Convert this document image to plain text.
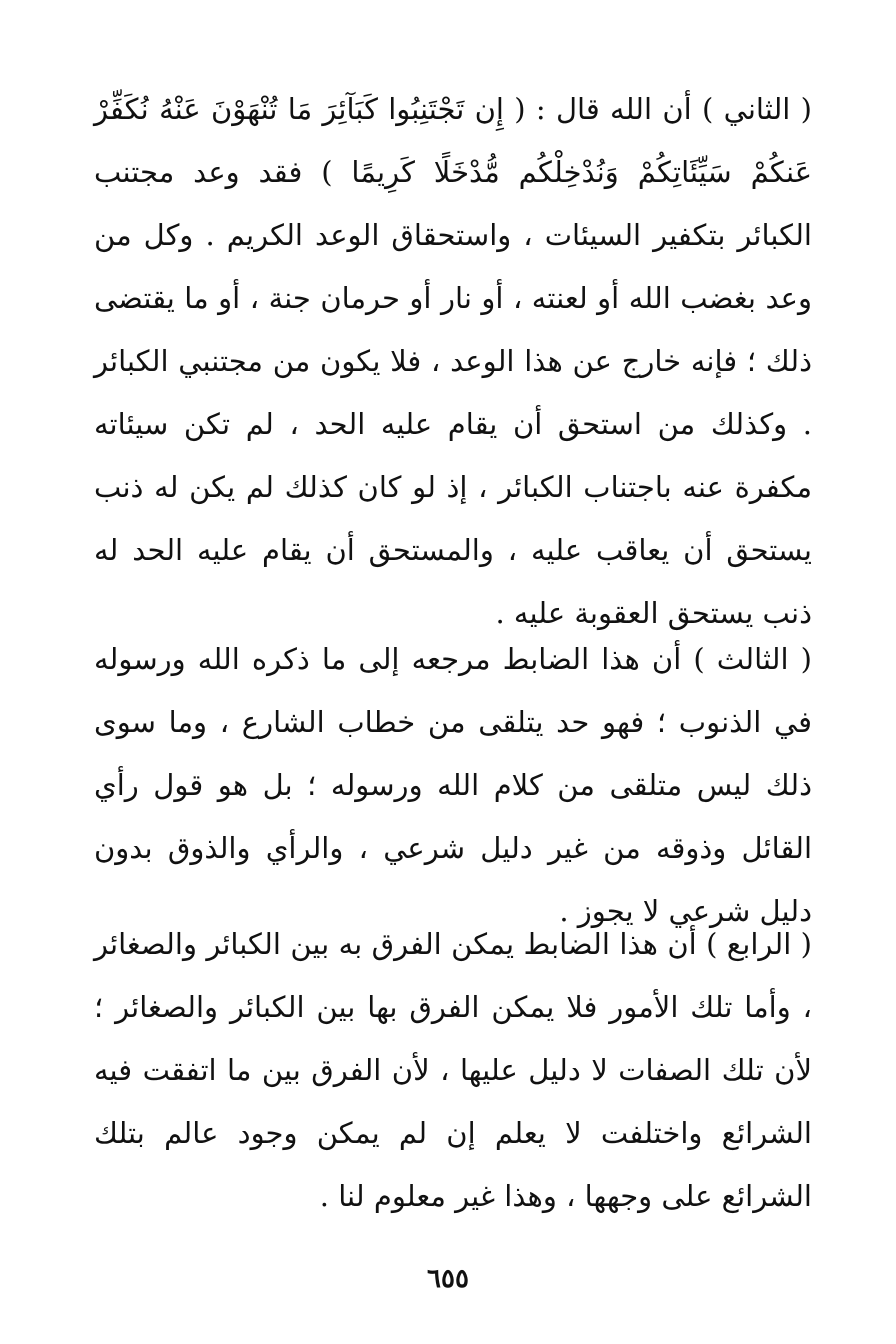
( الثاني ) أن الله قال : ( إِن تَجْتَنِبُوا كَبَآئِرَ مَا تُنْهَوْنَ عَنْهُ نُكَفِّرْ عَنكُمْ سَيِّئَاتِكُمْ وَنُدْخِلْكُم مُّدْخَلًا كَرِيمًا ) فقد وعد مجتنب الكبائر بتكفير السيئات ، واستحقاق الوعد الكريم . وكل من وعد بغضب الله أو لعنته ، أو نار أو حرمان جنة ، أو ما يقتضى ذلك ؛ فإنه خارج عن هذا الوعد ، فلا يكون من مجتنبي الكبائر . وكذلك من استحق أن يقام عليه الحد ، لم تكن سيئاته مكفرة عنه باجتناب الكبائر ، إذ لو كان كذلك لم يكن له ذنب يستحق أن يعاقب عليه ، والمستحق أن يقام عليه الحد له ذنب يستحق العقوبة عليه .

( الثالث ) أن هذا الضابط مرجعه إلى ما ذكره الله ورسوله في الذنوب ؛ فهو حد يتلقى من خطاب الشارع ، وما سوى ذلك ليس متلقى من كلام الله ورسوله ؛ بل هو قول رأي القائل وذوقه من غير دليل شرعي ، والرأي والذوق بدون دليل شرعي لا يجوز .

( الرابع ) أن هذا الضابط يمكن الفرق به بين الكبائر والصغائر ، وأما تلك الأمور فلا يمكن الفرق بها بين الكبائر والصغائر ؛ لأن تلك الصفات لا دليل عليها ، لأن الفرق بين ما اتفقت فيه الشرائع واختلفت لا يعلم إن لم يمكن وجود عالم بتلك الشرائع على وجهها ، وهذا غير معلوم لنا .

٦٥٥
